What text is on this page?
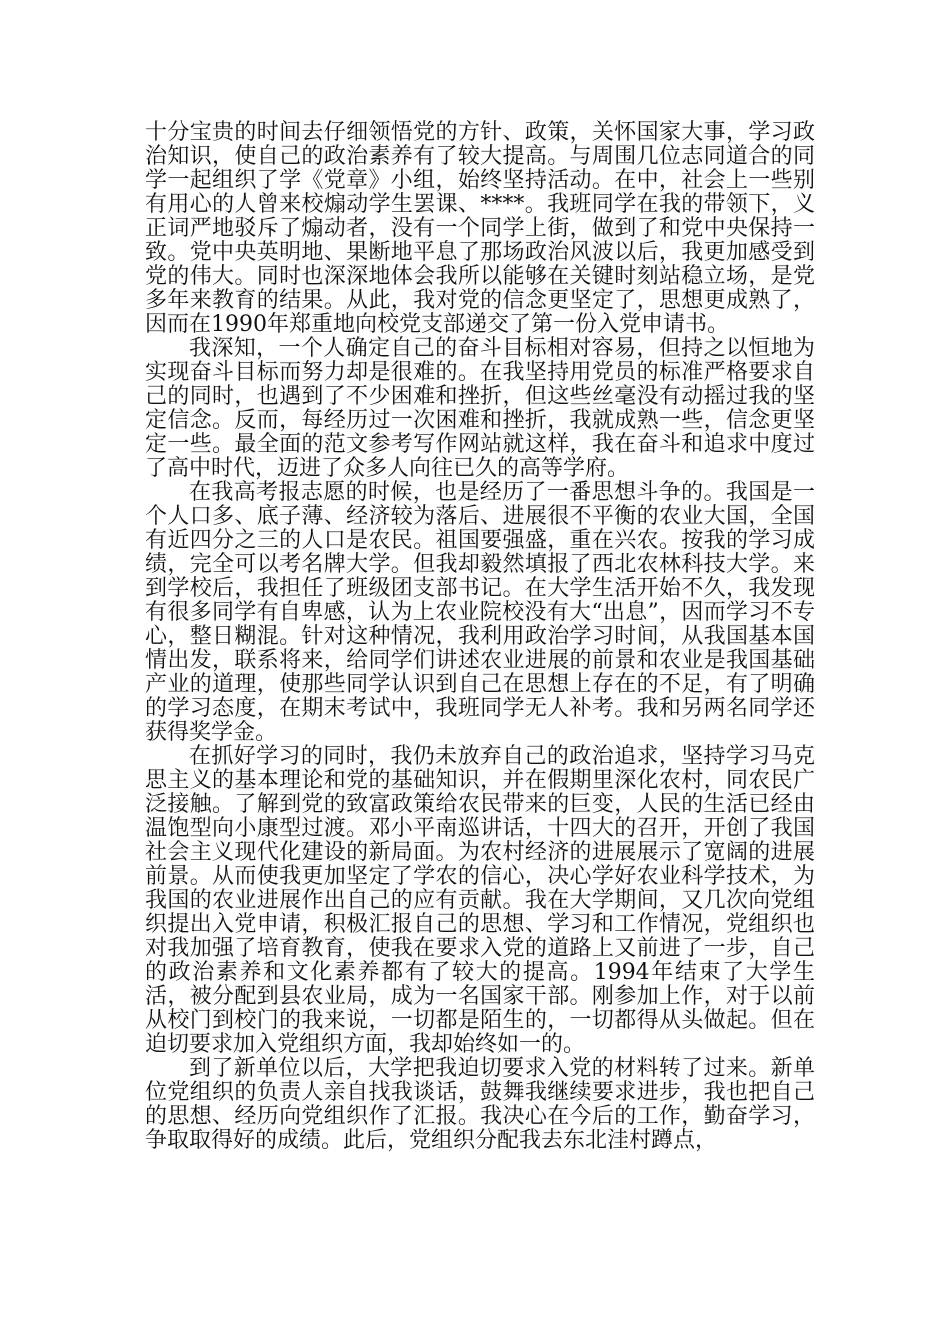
十分宝贵的时间去仔细领悟党的方针、政策，关怀国家大事，学习政治知识，使自己的政治素养有了较大提高。与周围几位志同道合的同学一起组织了学《党章》小组，始终坚持活动。在中，社会上一些别有用心的人曾来校煽动学生罢课、****。我班同学在我的带领下，义正词严地驳斥了煽动者，没有一个同学上街，做到了和党中央保持一致。党中央英明地、果断地平息了那场政治风波以后，我更加感受到党的伟大。同时也深深地体会我所以能够在关键时刻站稳立场，是党多年来教育的结果。从此，我对党的信念更坚定了，思想更成熟了，因而在1990年郑重地向校党支部递交了第一份入党申请书。

我深知，一个人确定自己的奋斗目标相对容易，但持之以恒地为实现奋斗目标而努力却是很难的。在我坚持用党员的标准严格要求自己的同时，也遇到了不少困难和挫折，但这些丝毫没有动摇过我的坚定信念。反而，每经历过一次困难和挫折，我就成熟一些，信念更坚定一些。最全面的范文参考写作网站就这样，我在奋斗和追求中度过了高中时代，迈进了众多人向往已久的高等学府。

在我高考报志愿的时候，也是经历了一番思想斗争的。我国是一个人口多、底子薄、经济较为落后、进展很不平衡的农业大国，全国有近四分之三的人口是农民。祖国要强盛，重在兴农。按我的学习成绩，完全可以考名牌大学。但我却毅然填报了西北农林科技大学。来到学校后，我担任了班级团支部书记。在大学生活开始不久，我发现有很多同学有自卑感，认为上农业院校没有大“出息”，因而学习不专心，整日糊混。针对这种情况，我利用政治学习时间，从我国基本国情出发，联系将来，给同学们讲述农业进展的前景和农业是我国基础产业的道理，使那些同学认识到自己在思想上存在的不足，有了明确的学习态度，在期末考试中，我班同学无人补考。我和另两名同学还获得奖学金。

在抓好学习的同时，我仍未放弃自己的政治追求，坚持学习马克思主义的基本理论和党的基础知识，并在假期里深化农村，同农民广泛接触。了解到党的致富政策给农民带来的巨变，人民的生活已经由温饱型向小康型过渡。邓小平南巡讲话，十四大的召开，开创了我国社会主义现代化建设的新局面。为农村经济的进展展示了宽阔的进展前景。从而使我更加坚定了学农的信心，决心学好农业科学技术，为我国的农业进展作出自己的应有贡献。我在大学期间，又几次向党组织提出入党申请，积极汇报自己的思想、学习和工作情况，党组织也对我加强了培育教育，使我在要求入党的道路上又前进了一步，自己的政治素养和文化素养都有了较大的提高。1994年结束了大学生活，被分配到县农业局，成为一名国家干部。刚参加上作，对于以前从校门到校门的我来说，一切都是陌生的，一切都得从头做起。但在迫切要求加入党组织方面，我却始终如一的。

到了新单位以后，大学把我迫切要求入党的材料转了过来。新单位党组织的负责人亲自找我谈话，鼓舞我继续要求进步，我也把自己的思想、经历向党组织作了汇报。我决心在今后的工作，勤奋学习，争取取得好的成绩。此后，党组织分配我去东北洼村蹲点，
